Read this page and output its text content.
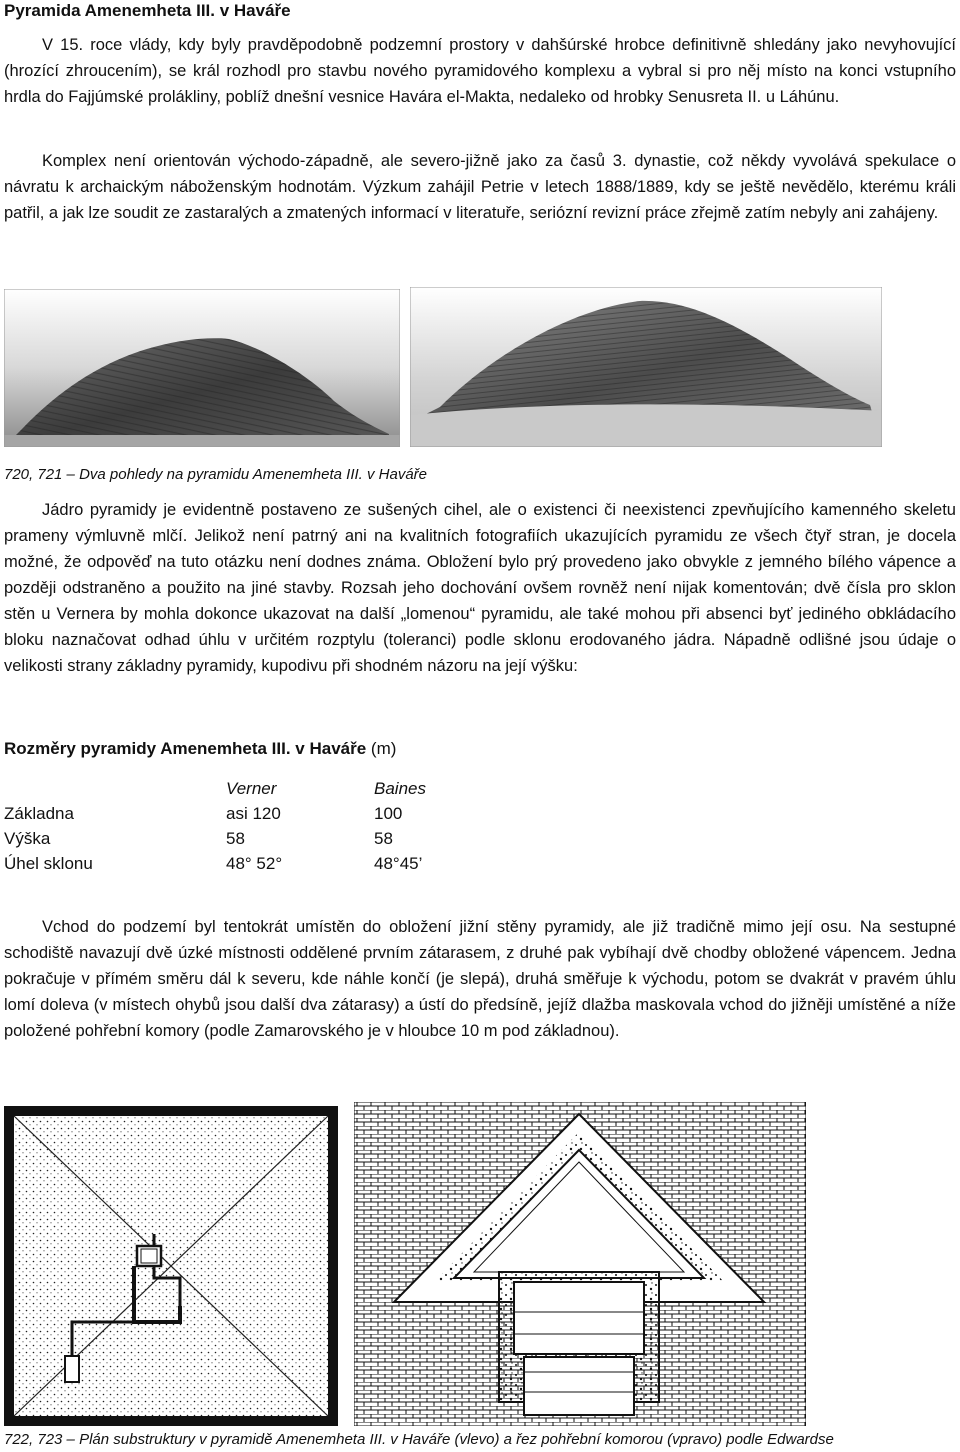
Pyramida Amenemheta III. v Havářе

V 15. roce vlády, kdy byly pravděpodobně podzemní prostory v dahšúrské hrobce definitivně shledány jako nevyhovující (hrozící zhroucením), se král rozhodl pro stavbu nového pyramidového komplexu a vybral si pro něj místo na konci vstupního hrdla do Fajjúmské prolákliny, poblíž dnešní vesnice Havára el-Makta, nedaleko od hrobky Senusreta II. u Láhúnu.

Komplex není orientován východo-západně, ale severo-jižně jako za časů 3. dynastie, což někdy vyvolává spekulace o návratu k archaickým náboženským hodnotám. Výzkum zahájil Petrie v letech 1888/1889, kdy se ještě nevědělo, kterému králi patřil, a jak lze soudit ze zastaralých a zmatených informací v literatuře, seriózní revizní práce zřejmě zatím nebyly ani zahájeny.

720, 721 – Dva pohledy na pyramidu Amenemheta III. v Havářе

Jádro pyramidy je evidentně postaveno ze sušených cihel, ale o existenci či neexistenci zpevňujícího kamenného skeletu prameny výmluvně mlčí. Jelikož není patrný ani na kvalitních fotografiích ukazujících pyramidu ze všech čtyř stran, je docela možné, že odpověď na tuto otázku není dodnes známa. Obložení bylo prý provedeno jako obvykle z jemného bílého vápence a později odstraněno a použito na jiné stavby. Rozsah jeho dochování ovšem rovněž není nijak komentován; dvě čísla pro sklon stěn u Vernera by mohla dokonce ukazovat na další „lomenou“ pyramidu, ale také mohou při absenci byť jediného obkládacího bloku naznačovat odhad úhlu v určitém rozptylu (toleranci) podle sklonu erodovaného jádra. Nápadně odlišné jsou údaje o velikosti strany základny pyramidy, kupodivu při shodném názoru na její výšku:

Rozměry pyramidy Amenemheta III. v Havářе (m)
	Verner	Baines
Základna	asi 120	100
Výška	58	58
Úhel sklonu	48° 52°	48°45’

Vchod do podzemí byl tentokrát umístěn do obložení jižní stěny pyramidy, ale již tradičně mimo její osu. Na sestupné schodiště navazují dvě úzké místnosti oddělené prvním zátarasem, z druhé pak vybíhají dvě chodby obložené vápencem. Jedna pokračuje v přímém směru dál k severu, kde náhle končí (je slepá), druhá směřuje k východu, potom se dvakrát v pravém úhlu lomí doleva (v místech ohybů jsou další dva zátarasy) a ústí do předsíně, jejíž dlažba maskovala vchod do jižněji umístěné a níže položené pohřební komory (podle Zamarovského je v hloubce 10 m pod základnou).

722, 723 – Plán substruktury v pyramidě Amenemheta III. v Havářе (vlevo) a řez pohřební komorou (vpravo) podle Edwardse
